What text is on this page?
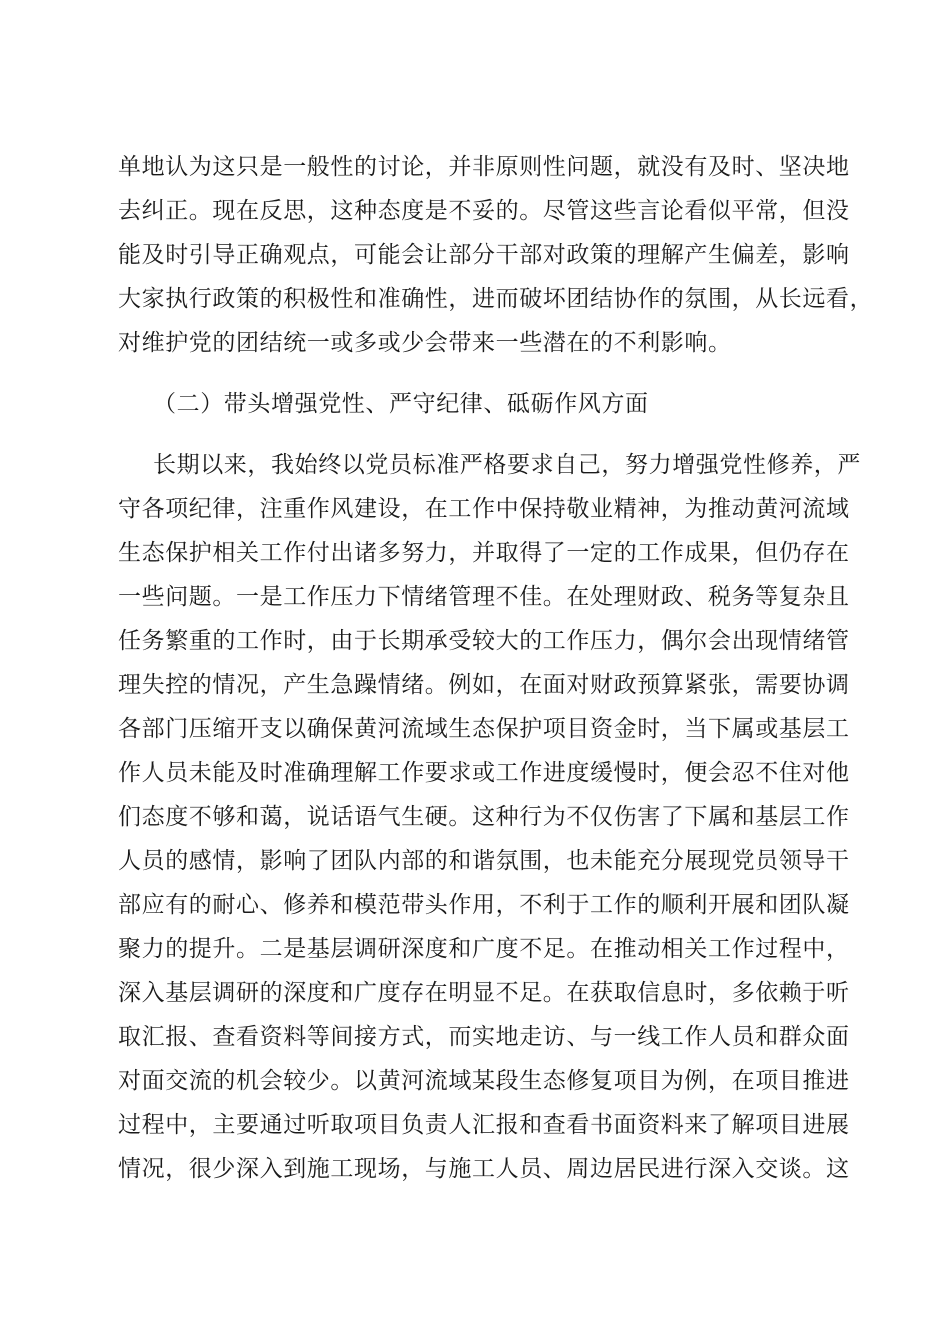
单地认为这只是一般性的讨论，并非原则性问题，就没有及时、坚决地
去纠正。现在反思，这种态度是不妥的。尽管这些言论看似平常，但没
能及时引导正确观点，可能会让部分干部对政策的理解产生偏差，影响
大家执行政策的积极性和准确性，进而破坏团结协作的氛围，从长远看，
对维护党的团结统一或多或少会带来一些潜在的不利影响。
（二）带头增强党性、严守纪律、砥砺作风方面
长期以来，我始终以党员标准严格要求自己，努力增强党性修养，严
守各项纪律，注重作风建设，在工作中保持敬业精神，为推动黄河流域
生态保护相关工作付出诸多努力，并取得了一定的工作成果，但仍存在
一些问题。一是工作压力下情绪管理不佳。在处理财政、税务等复杂且
任务繁重的工作时，由于长期承受较大的工作压力，偶尔会出现情绪管
理失控的情况，产生急躁情绪。例如，在面对财政预算紧张，需要协调
各部门压缩开支以确保黄河流域生态保护项目资金时，当下属或基层工
作人员未能及时准确理解工作要求或工作进度缓慢时，便会忍不住对他
们态度不够和蔼，说话语气生硬。这种行为不仅伤害了下属和基层工作
人员的感情，影响了团队内部的和谐氛围，也未能充分展现党员领导干
部应有的耐心、修养和模范带头作用，不利于工作的顺利开展和团队凝
聚力的提升。二是基层调研深度和广度不足。在推动相关工作过程中，
深入基层调研的深度和广度存在明显不足。在获取信息时，多依赖于听
取汇报、查看资料等间接方式，而实地走访、与一线工作人员和群众面
对面交流的机会较少。以黄河流域某段生态修复项目为例，在项目推进
过程中，主要通过听取项目负责人汇报和查看书面资料来了解项目进展
情况，很少深入到施工现场，与施工人员、周边居民进行深入交谈。这
